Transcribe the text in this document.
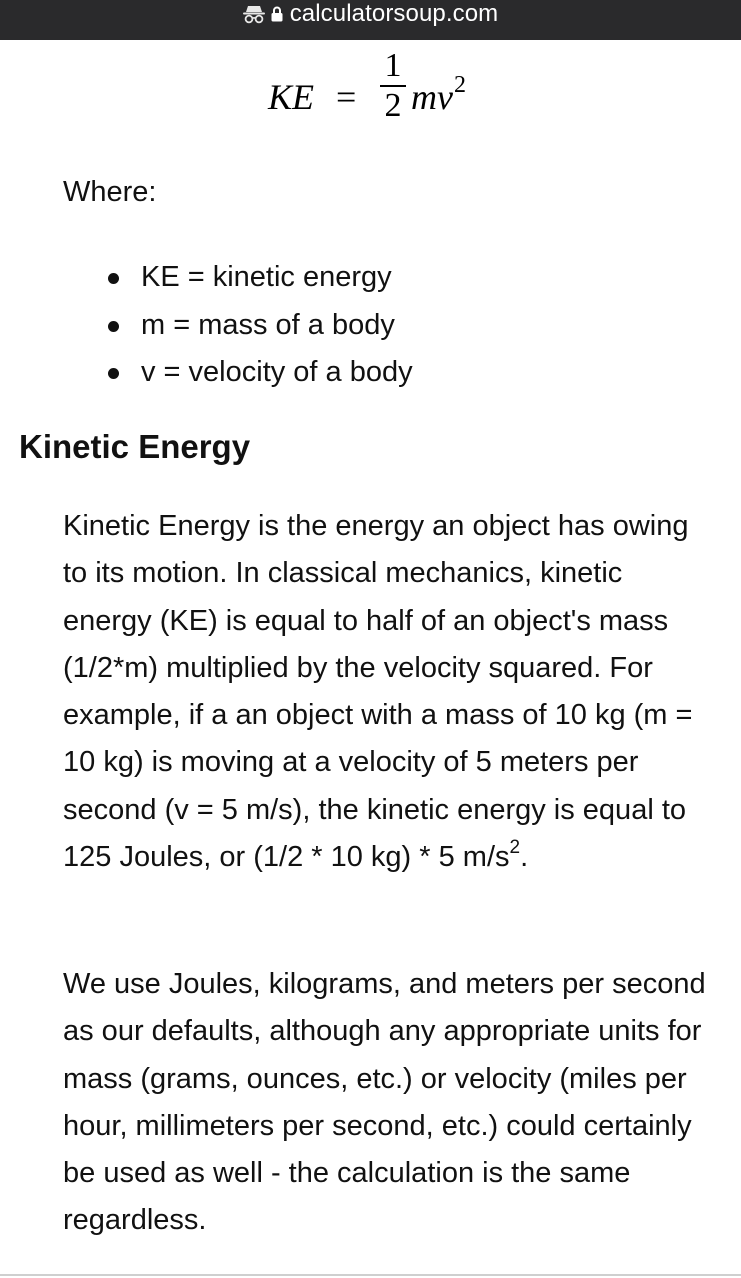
calculatorsoup.com
KE =
1
2 $mv^2$
Where:
KE = kinetic energy
m = mass of a body
v = velocity of a body
Kinetic Energy

Kinetic Energy is the energy an object has owing to its motion. In classical mechanics, kinetic energy (KE) is equal to half of an object's mass (1/2*m) multiplied by the velocity squared. For example, if a an object with a mass of 10 kg (m = 10 kg) is moving at a velocity of 5 meters per second (v = 5 m/s), the kinetic energy is equal to 125 Joules, or (1/2 * 10 kg) * 5 $m/s^2$.

We use Joules, kilograms, and meters per second as our defaults, although any appropriate units for mass (grams, ounces, etc.) or velocity (miles per hour, millimeters per second, etc.) could certainly be used as well - the calculation is the same regardless.
